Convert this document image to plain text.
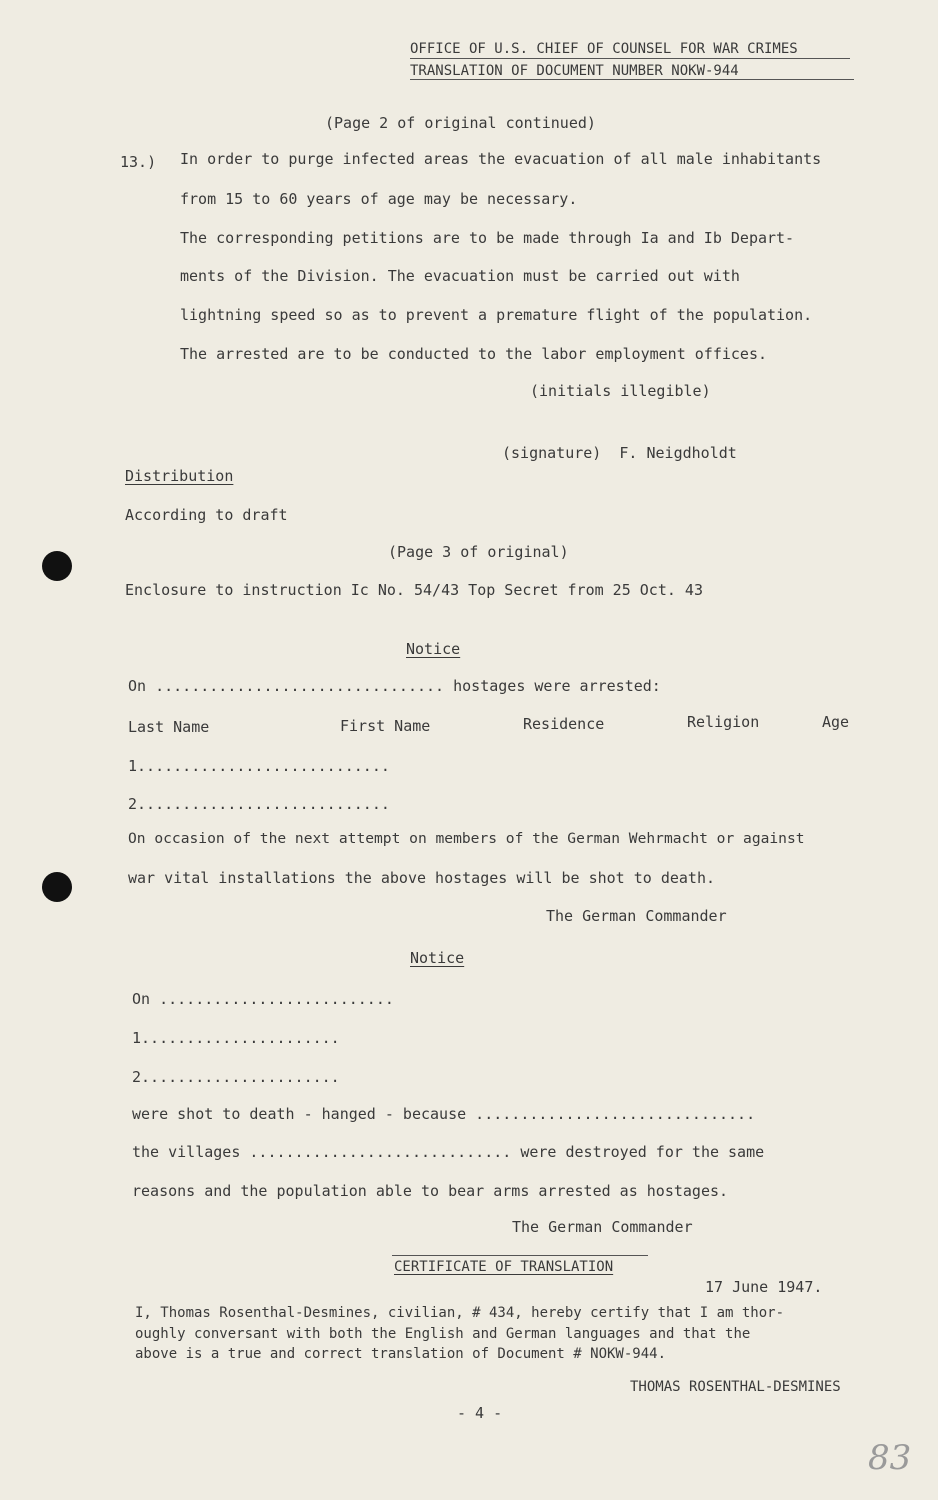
OFFICE OF U.S. CHIEF OF COUNSEL FOR WAR CRIMES
TRANSLATION OF DOCUMENT NUMBER NOKW-944
(Page 2 of original continued)
13.) In order to purge infected areas the evacuation of all male inhabitants
from 15 to 60 years of age may be necessary.
The corresponding petitions are to be made through Ia and Ib Depart-
ments of the Division. The evacuation must be carried out with
lightning speed so as to prevent a premature flight of the population.
The arrested are to be conducted to the labor employment offices.
(initials illegible)
(signature)  F. Neigdholdt
Distribution
According to draft
(Page 3 of original)
Enclosure to instruction Ic No. 54/43 Top Secret from 25 Oct. 43
Notice
On ................................ hostages were arrested:
Last Name	First Name	Residence	Religion	Age
1............................
2............................
On occasion of the next attempt on members of the German Wehrmacht or against
war vital installations the above hostages will be shot to death.
The German Commander
Notice
On ..........................
1......................
2......................
were shot to death - hanged - because ...............................
the villages ............................. were destroyed for the same
reasons and the population able to bear arms arrested as hostages.
The German Commander
CERTIFICATE OF TRANSLATION
17 June 1947.
I, Thomas Rosenthal-Desmines, civilian, # 434, hereby certify that I am thor-
oughly conversant with both the English and German languages and that the
above is a true and correct translation of Document # NOKW-944.
THOMAS ROSENTHAL-DESMINES
- 4 -
83
